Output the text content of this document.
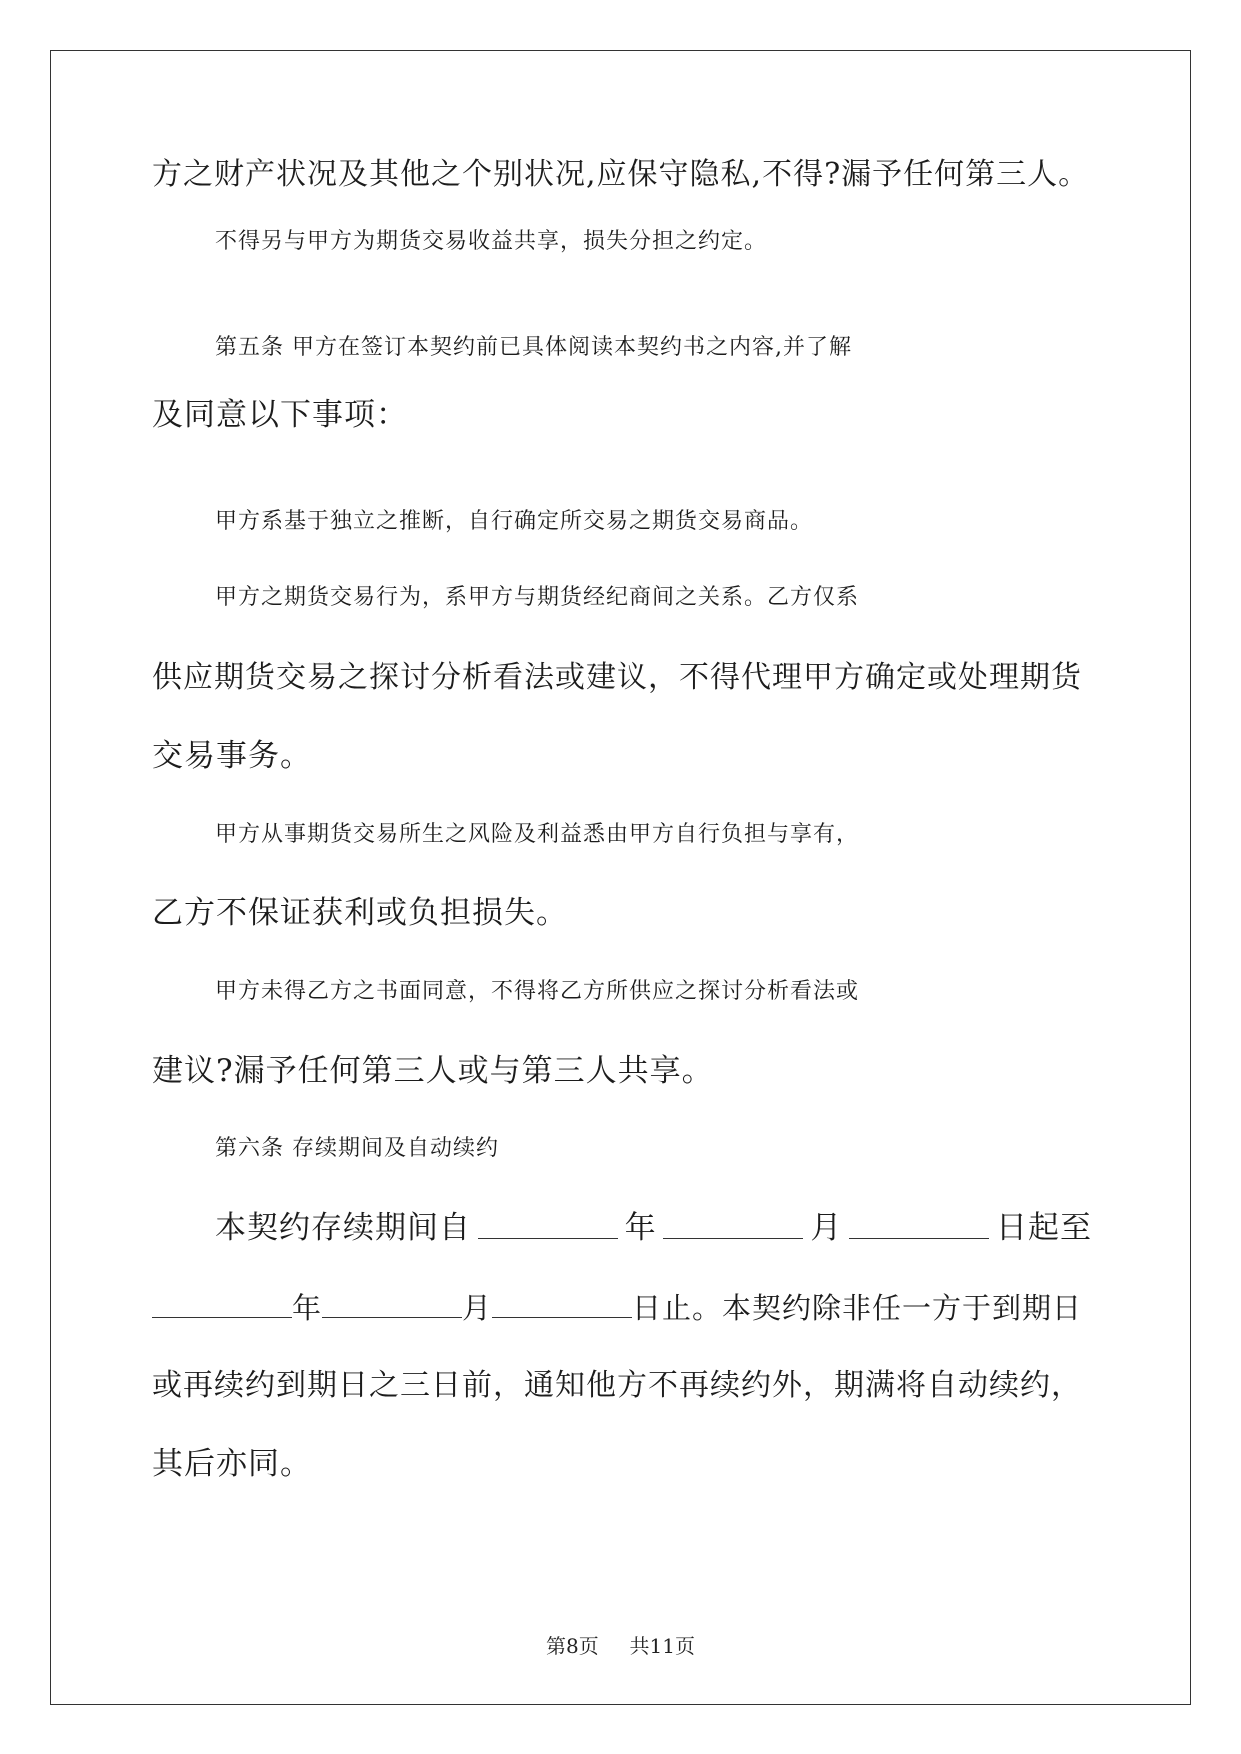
方之财产状况及其他之个别状况,应保守隐私,不得?漏予任何第三人。
不得另与甲方为期货交易收益共享，损失分担之约定。
第五条 甲方在签订本契约前已具体阅读本契约书之内容,并了解
及同意以下事项：
甲方系基于独立之推断，自行确定所交易之期货交易商品。
甲方之期货交易行为，系甲方与期货经纪商间之关系。乙方仅系
供应期货交易之探讨分析看法或建议，不得代理甲方确定或处理期货
交易事务。
甲方从事期货交易所生之风险及利益悉由甲方自行负担与享有，
乙方不保证获利或负担损失。
甲方未得乙方之书面同意，不得将乙方所供应之探讨分析看法或
建议?漏予任何第三人或与第三人共享。
第六条 存续期间及自动续约
本契约存续期间自	年	月	日起至
年	月	日止。本契约除非任一方于到期日
或再续约到期日之三日前，通知他方不再续约外，期满将自动续约，
其后亦同。
第8页 共11页
